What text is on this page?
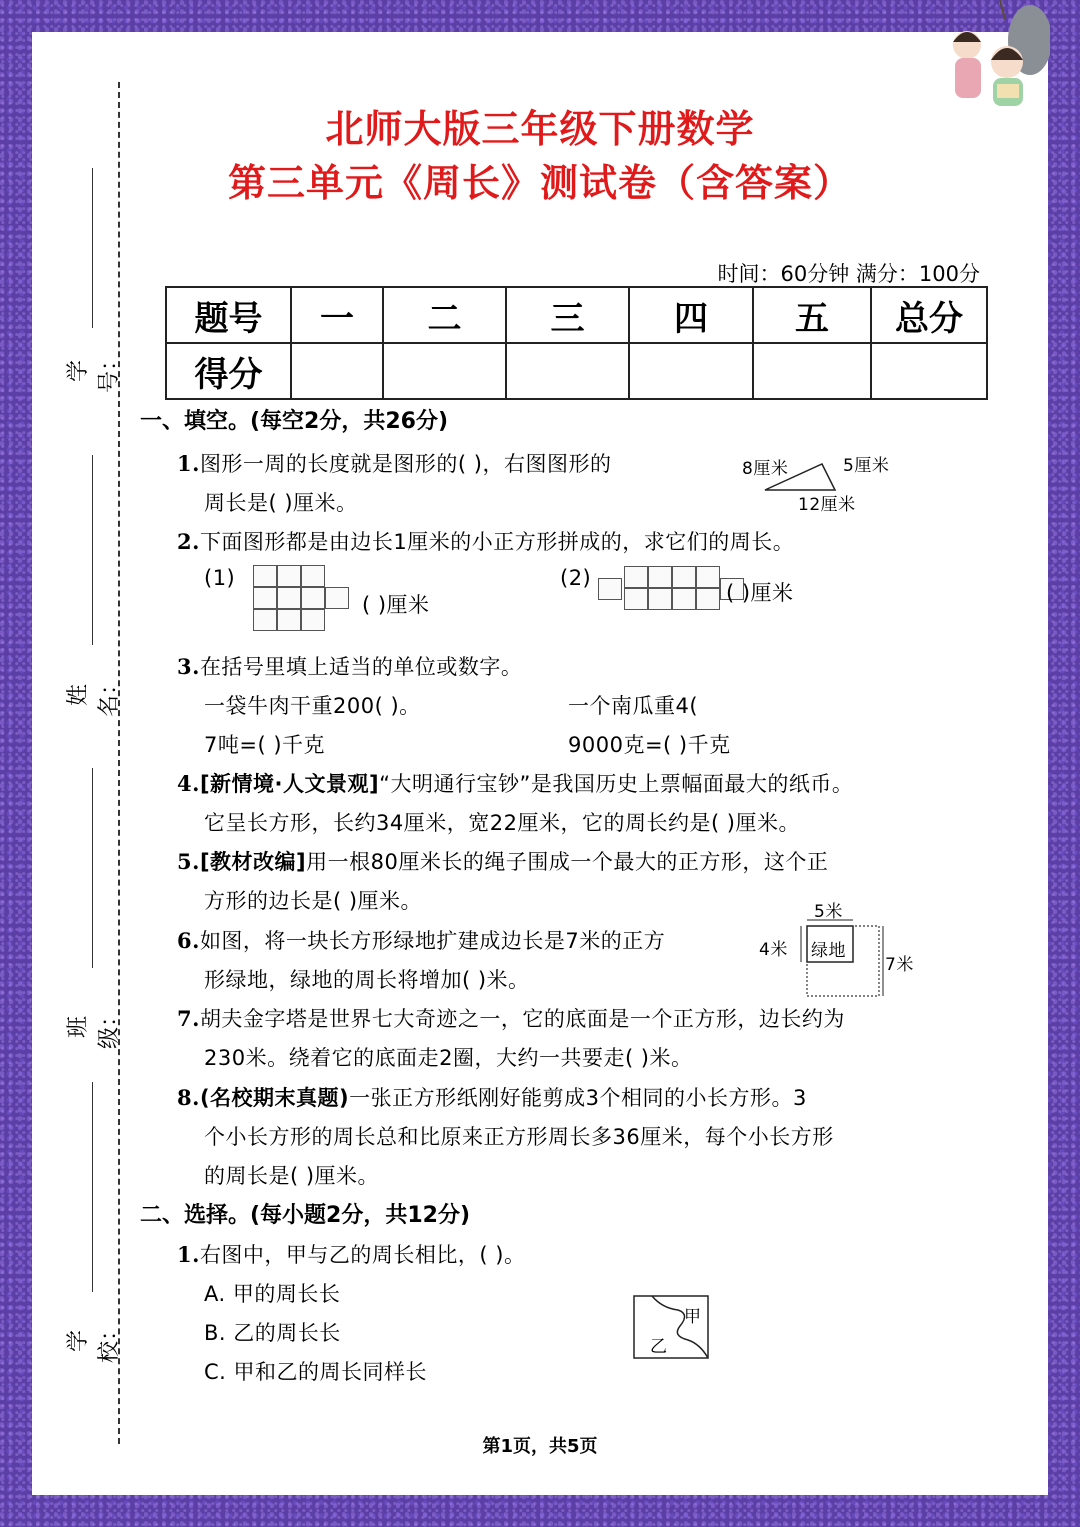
北师大版三年级下册数学
第三单元《周长》测试卷（含答案）
学号：
姓名：
班级：
学校：
时间：60分钟 满分：100分
题号	一	二	三	四	五	总分
得分						
一、填空。(每空2分，共26分)
1.图形一周的长度就是图形的( )，右图图形的
周长是( )厘米。
8厘米	5厘米
12厘米
2.下面图形都是由边长1厘米的小正方形拼成的，求它们的周长。
(1)
( )厘米
(2)
( )厘米
3.在括号里填上适当的单位或数字。
一袋牛肉干重200( )。	一个南瓜重4(
7吨=( )千克	9000克=( )千克
4.[新情境·人文景观]“大明通行宝钞”是我国历史上票幅面最大的纸币。
它呈长方形，长约34厘米，宽22厘米，它的周长约是( )厘米。
5.[教材改编]用一根80厘米长的绳子围成一个最大的正方形，这个正
方形的边长是( )厘米。
6.如图，将一块长方形绿地扩建成边长是7米的正方
形绿地，绿地的周长将增加( )米。
5米
4米
7米
绿地
7.胡夫金字塔是世界七大奇迹之一，它的底面是一个正方形，边长约为
230米。绕着它的底面走2圈，大约一共要走( )米。
8.(名校期末真题)一张正方形纸刚好能剪成3个相同的小长方形。3
个小长方形的周长总和比原来正方形周长多36厘米，每个小长方形
的周长是( )厘米。
二、选择。(每小题2分，共12分)
1.右图中，甲与乙的周长相比，( )。
A. 甲的周长长
B. 乙的周长长
C. 甲和乙的周长同样长
甲
乙
第1页，共5页
